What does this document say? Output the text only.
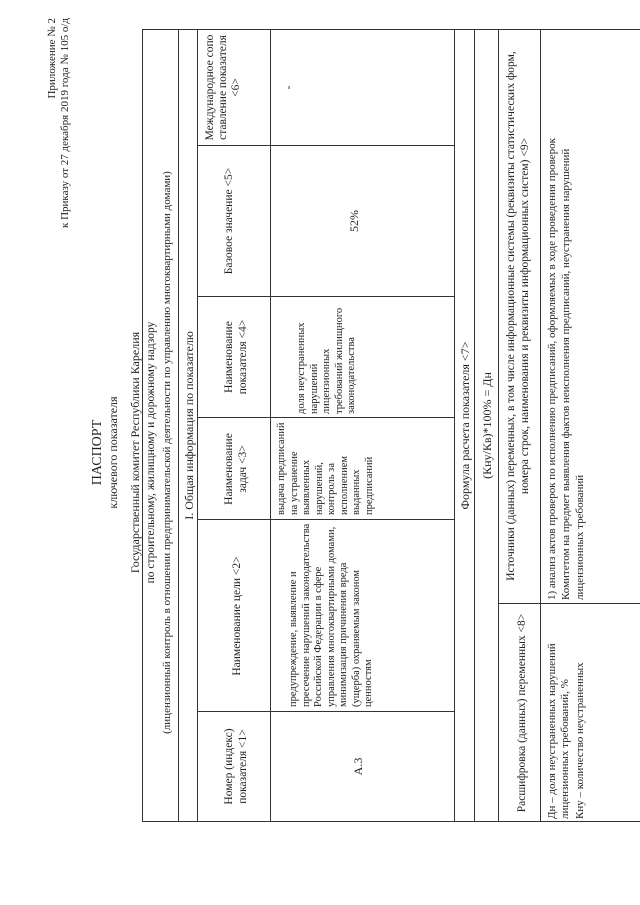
Приложение № 2 к Приказу от 27 декабря 2019 года № 105 о/д
ПАСПОРТ ключевого показателя Государственный комитет Республики Карелия по строительному, жилищному и дорожному надзору (лицензионный контроль в отношении предпринимательской деятельности по управлению многоквартирными домами) I. Общая информация по показателю
Номер (индекс) показателя <1>
Наименование цели <2>
Наименование задач <3>
Наименование показателя <4>
Базовое значение <5>
Международное сопоставление показателя <6>
А.3
предупреждение, выявление и пресечение нарушений законодательства Российской Федерации в сфере управления многоквартирными домами, минимизация причинения вреда (ущерба) охраняемым законом ценностям
выдача предписаний на устранение выявленных нарушений, контроль за исполнением выданных предписаний
доля неустраненных нарушений лицензионных требований жилищного законодательства
52%
-
Формула расчета показателя <7> (Кну/Кв)*100% = Дн
Расшифровка (данных) переменных <8>
Источники (данных) переменных, в том числе информационные системы (реквизиты статистических форм, номера строк, наименования и реквизиты информационных систем) <9>
Дн – доля неустраненных нарушений лицензионных требований, % Кну – количество неустраненных
1) анализ актов проверок по исполнению предписаний, оформляемых в ходе проведения проверок Комитетом на предмет выявления фактов неисполнения предписаний, неустранения нарушений лицензионных требований
